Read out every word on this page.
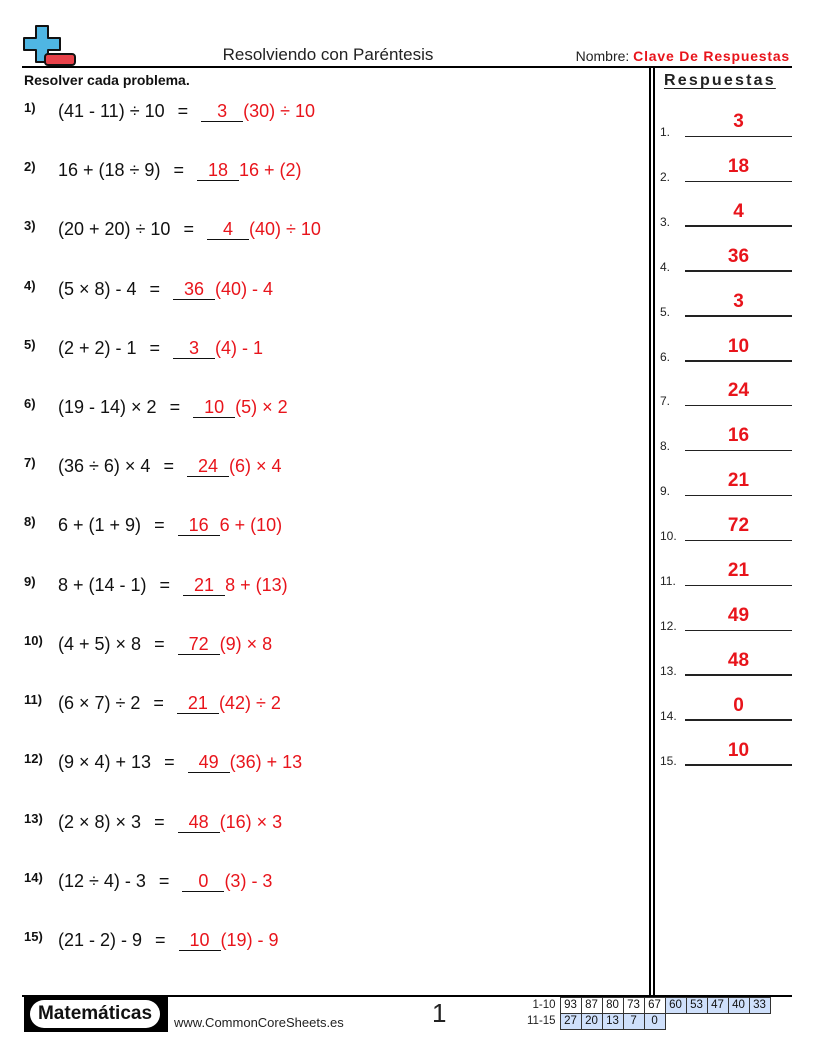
Resolviendo con Paréntesis	Nombre: Clave De Respuestas
Resolver cada problema.
1)	(41 - 11) ÷ 10 =	3 (30) ÷ 10
2)	16 + (18 ÷ 9) =	18 16 + (2)
3)	(20 + 20) ÷ 10 =	4 (40) ÷ 10
4)	(5 × 8) - 4 =	36 (40) - 4
5)	(2 + 2) - 1 =	3 (4) - 1
6)	(19 - 14) × 2 =	10 (5) × 2
7)	(36 ÷ 6) × 4 =	24 (6) × 4
8)	6 + (1 + 9) =	16 6 + (10)
9)	8 + (14 - 1) =	21 8 + (13)
10) (4 + 5) × 8 =	72 (9) × 8
11) (6 × 7) ÷ 2 =	21 (42) ÷ 2
12) (9 × 4) + 13 =	49 (36) + 13
13) (2 × 8) × 3 =	48 (16) × 3
14) (12 ÷ 4) - 3 =	0 (3) - 3
15) (21 - 2) - 9 =	10 (19) - 9
Respuestas
1.	3
2.	18
3.	4
4.	36
5.	3
6.	10
7.	24
8.	16
9.	21
10.	72
11.	21
12.	49
13.	48
14.	0
15.	10
Matemáticas	www.CommonCoreSheets.es	1	1-10	93	87	80	73	67	60	53	47	40	33
11-15	27	20	13	7	0					
